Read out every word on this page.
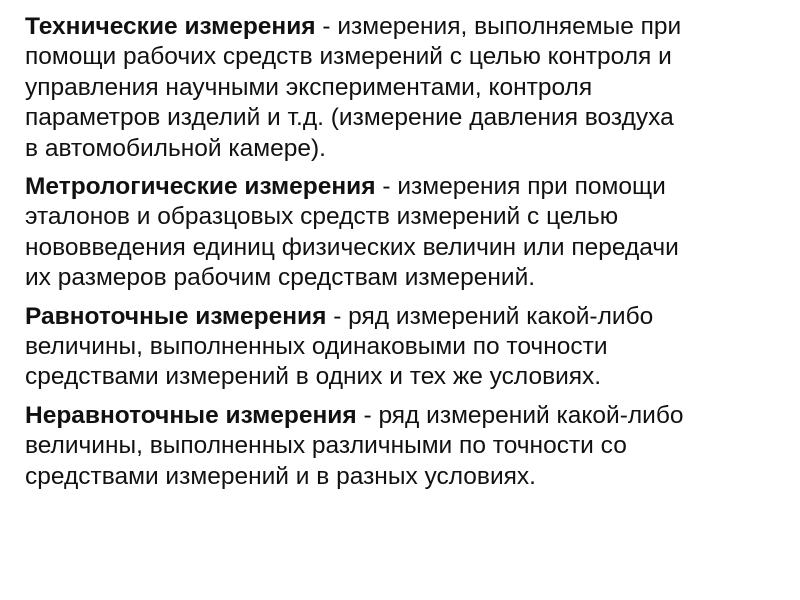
Технические измерения - измерения, выполняемые при
помощи рабочих средств измерений с целью контроля и
управления научными экспериментами, контроля
параметров изделий и т.д. (измерение давления воздуха
в автомобильной камере).

Метрологические измерения - измерения при помощи
эталонов и образцовых средств измерений с целью
нововведения единиц физических величин или передачи
их размеров рабочим средствам измерений.

Равноточные измерения - ряд измерений какой-либо
величины, выполненных одинаковыми по точности
средствами измерений в одних и тех же условиях.

Неравноточные измерения - ряд измерений какой-либо
величины, выполненных различными по точности со
средствами измерений и в разных условиях.
